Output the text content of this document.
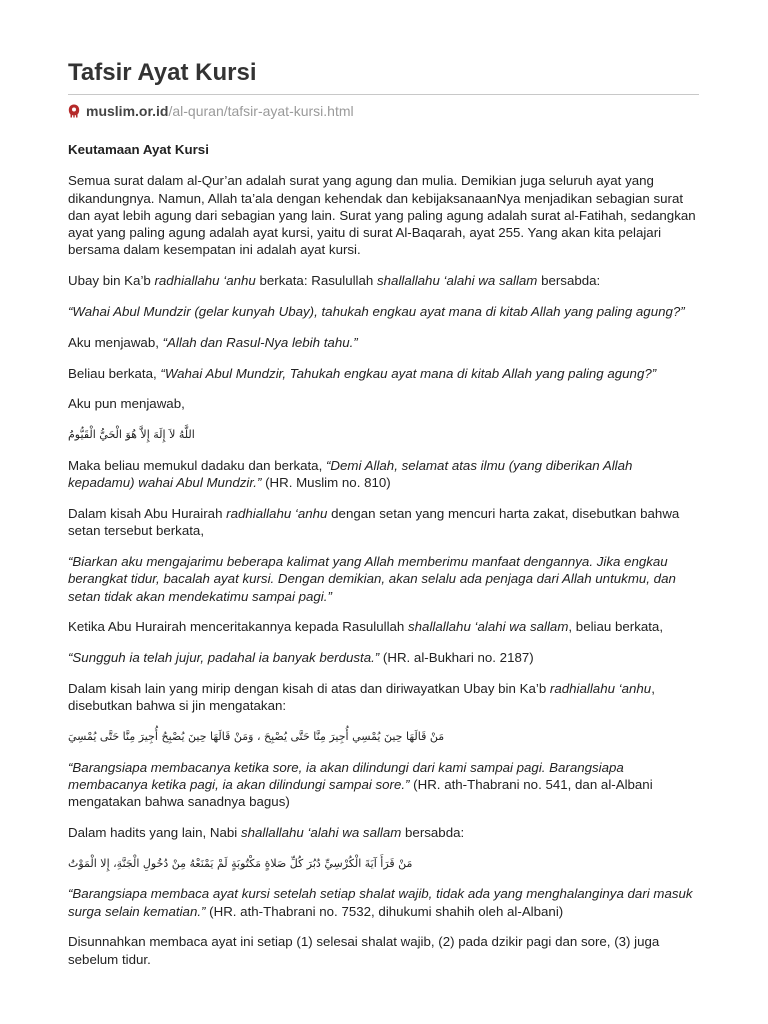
Tafsir Ayat Kursi
muslim.or.id /al-quran/tafsir-ayat-kursi.html

Keutamaan Ayat Kursi

Semua surat dalam al-Qur’an adalah surat yang agung dan mulia. Demikian juga seluruh ayat yang dikandungnya. Namun, Allah ta’ala dengan kehendak dan kebijaksanaanNya menjadikan sebagian surat dan ayat lebih agung dari sebagian yang lain. Surat yang paling agung adalah surat al-Fatihah, sedangkan ayat yang paling agung adalah ayat kursi, yaitu di surat Al-Baqarah, ayat 255. Yang akan kita pelajari bersama dalam kesempatan ini adalah ayat kursi.

Ubay bin Ka’b radhiallahu ‘anhu berkata: Rasulullah shallallahu ‘alahi wa sallam bersabda:

“Wahai Abul Mundzir (gelar kunyah Ubay), tahukah engkau ayat mana di kitab Allah yang paling agung?”

Aku menjawab, “Allah dan Rasul-Nya lebih tahu.”

Beliau berkata, “Wahai Abul Mundzir, Tahukah engkau ayat mana di kitab Allah yang paling agung?”

Aku pun menjawab,

اللَّهُ لاَ إِلَهَ إِلاَّ هُوَ الْحَيُّ الْقَيُّومُ

Maka beliau memukul dadaku dan berkata, “Demi Allah, selamat atas ilmu (yang diberikan Allah kepadamu) wahai Abul Mundzir.” (HR. Muslim no. 810)

Dalam kisah Abu Hurairah radhiallahu ‘anhu dengan setan yang mencuri harta zakat, disebutkan bahwa setan tersebut berkata,

“Biarkan aku mengajarimu beberapa kalimat yang Allah memberimu manfaat dengannya. Jika engkau berangkat tidur, bacalah ayat kursi. Dengan demikian, akan selalu ada penjaga dari Allah untukmu, dan setan tidak akan mendekatimu sampai pagi.”

Ketika Abu Hurairah menceritakannya kepada Rasulullah shallallahu ‘alahi wa sallam, beliau berkata,

“Sungguh ia telah jujur, padahal ia banyak berdusta.” (HR. al-Bukhari no. 2187)

Dalam kisah lain yang mirip dengan kisah di atas dan diriwayatkan Ubay bin Ka’b radhiallahu ‘anhu, disebutkan bahwa si jin mengatakan:

مَنْ قَالَهَا حِينَ يُمْسِي أُجِيرَ مِنَّا حَتَّى يُصْبِحَ ، وَمَنْ قَالَهَا حِينَ يُصْبِحُ أُجِيرَ مِنَّا حَتَّى يُمْسِيَ

“Barangsiapa membacanya ketika sore, ia akan dilindungi dari kami sampai pagi. Barangsiapa membacanya ketika pagi, ia akan dilindungi sampai sore.” (HR. ath-Thabrani no. 541, dan al-Albani mengatakan bahwa sanadnya bagus)

Dalam hadits yang lain, Nabi shallallahu ‘alahi wa sallam bersabda:

مَنْ قَرَأَ آيَةَ الْكُرْسِيِّ دُبُرَ كُلِّ صَلاةٍ مَكْتُوبَةٍ لَمْ يَمْنَعْهُ مِنْ دُخُولِ الْجَنَّةِ، إِلا الْمَوْتُ

“Barangsiapa membaca ayat kursi setelah setiap shalat wajib, tidak ada yang menghalanginya dari masuk surga selain kematian.” (HR. ath-Thabrani no. 7532, dihukumi shahih oleh al-Albani)

Disunnahkan membaca ayat ini setiap (1) selesai shalat wajib, (2) pada dzikir pagi dan sore, (3) juga sebelum tidur.
